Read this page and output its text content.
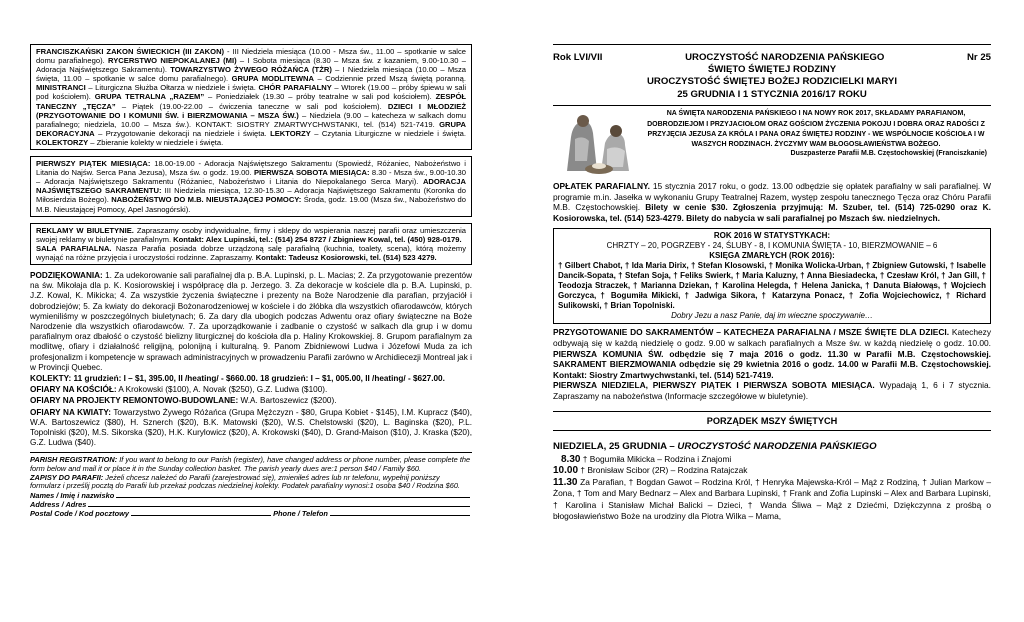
FRANCISZKAŃSKI ZAKON ŚWIECKICH (III ZAKON) - III Niedziela miesiąca (10.00 - Msza św., 11.00 – spotkanie w salce domu parafialnego). RYCERSTWO NIEPOKALANEJ (MI) – I Sobota miesiąca (8.30 – Msza św. z kazaniem, 9.00-10.30 – Adoracja Najświętszego Sakramentu). TOWARZYSTWO ŻYWEGO RÓŻAŃCA (TŻR) – I Niedziela miesiąca (10.00 – Msza święta, 11.00 – spotkanie w salce domu parafialnego). GRUPA MODLITEWNA – Codziennie przed Mszą świętą poranną. MINISTRANCI – Liturgiczna Służba Ołtarza w niedziele i święta. CHÓR PARAFIALNY – Wtorek (19.00 – próby śpiewu w sali pod kościołem). GRUPA TETRALNA „RAZEM” – Poniedziałek (19.30 – próby teatralne w sali pod kościołem). ZESPÓŁ TANECZNY „TĘCZA” – Piątek (19.00-22.00 – ćwiczenia taneczne w sali pod kościołem). DZIECI I MŁODZIEŻ (PRZYGOTOWANIE DO I KOMUNII ŚW. i BIERZMOWANIA – MSZA ŚW.) – Niedziela (9.00 – katecheza w salkach domu parafialnego; niedziela, 10.00 – Msza św.). KONTAKT: SIOSTRY ZMARTWYCHWSTANKI, tel. (514) 521-7419. GRUPA DEKORACYJNA – Przygotowanie dekoracji na niedziele i święta. LEKTORZY – Czytania Liturgiczne w niedziele i święta. KOLEKTORZY – Zbieranie kolekty w niedziele i święta.
PIERWSZY PIĄTEK MIESIĄCA: 18.00-19.00 - Adoracja Najświętszego Sakramentu (Spowiedź, Różaniec, Nabożeństwo i Litania do Najśw. Serca Pana Jezusa), Msza św. o godz. 19.00. PIERWSZA SOBOTA MIESIĄCA: 8.30 - Msza św., 9.00-10.30 – Adoracja Najświętszego Sakramentu (Różaniec, Nabożeństwo i Litania do Niepokalanego Serca Maryi). ADORACJA NAJŚWIĘTSZEGO SAKRAMENTU: III Niedziela miesiąca, 12.30-15.30 – Adoracja Najświętszego Sakramentu (Koronka do Miłosierdzia Bożego). NABOŻEŃSTWO DO M.B. NIEUSTAJĄCEJ POMOCY: Środa, godz. 19.00 (Msza św., Nabożeństwo do M.B. Nieustającej Pomocy, Apel Jasnogórski).
REKLAMY W BIULETYNIE. Zapraszamy osoby indywidualne, firmy i sklepy do wspierania naszej parafii oraz umieszczenia swojej reklamy w biuletynie parafialnym. Kontakt: Alex Lupinski, tel.: (514) 254 8727 / Zbigniew Kowal, tel. (450) 928-0179.
SALA PARAFIALNA. Nasza Parafia posiada dobrze urządzoną salę parafialną (kuchnia, toalety, scena), którą możemy wynająć na różne przyjęcia i uroczystości rodzinne. Zapraszamy. Kontakt: Tadeusz Kosiorowski, tel. (514) 523 4279.
PODZIĘKOWANIA: 1. Za udekorowanie sali parafialnej dla p. B.A. Lupinski, p. L. Macias; 2. Za przygotowanie prezentów na św. Mikołaja dla p. K. Kosiorowskiej i współpracę dla p. Jerzego. 3. Za dekoracje w kościele dla p. B.A. Lupinski, p. J.Z. Kowal, K. Mikicka; 4. Za wszystkie życzenia świąteczne i prezenty na Boże Narodzenie dla parafian, przyjaciół i dobrodziejów; 5. Za kwiaty do dekoracji Bożonarodzeniowej w kościele i do żłóbka dla wszystkich ofiarodawców, których wymieniliśmy w poszczególnych biuletynach; 6. Za dary dla ubogich podczas Adwentu oraz ofiary świąteczne na Boże Narodzenie dla wszystkich ofiarodawców. 7. Za uporządkowanie i zadbanie o czystość w salkach dla grup i w domu parafialnym oraz dbałość o czystość bielizny liturgicznej do kościoła dla p. Haliny Krokowskiej. 8. Grupom parafialnym za modlitwę, ofiary i działalność religijną, polonijną i kulturalną. 9. Panom Zbidniewowi Ludwa i Józefowi Muda za ich profesjonalizm i kompetencje w sprawach administracyjnych w prowadzeniu Parafii zarówno w Archidiecezji Montreal jak i w Provincji Quebec.
KOLEKTY: 11 grudzień: I – $1, 395.00, II /heating/ - $660.00. 18 grudzień: I – $1, 005.00, II /heating/ - $627.00.
OFIARY NA KOŚCIÓŁ: A Krokowski ($100), A. Novak ($250), G.Z. Ludwa ($100).
OFIARY NA PROJEKTY REMONTOWO-BUDOWLANE: W.A. Bartoszewicz ($200).
OFIARY NA KWIATY: Towarzystwo Żywego Różańca (Grupa Mężczyzn - $80, Grupa Kobiet - $145), I.M. Kupracz ($40), W.A. Bartoszewicz ($80), H. Sznerch ($20), B.K. Matowski ($20), W.S. Chelstowski ($20), L. Baginska ($20), P.L. Topolniski ($20), M.S. Sikorska ($20), H.K. Kurylowicz ($20), A. Krokowski ($40), D. Grand-Maison ($10), J. Kraska ($20), G.Z. Ludwa ($40).
PARISH REGISTRATION: If you want to belong to our Parish (register), have changed address or phone number, please complete the form below and mail it or place it in the Sunday collection basket. The parish yearly dues are:1 person $40 / Family $60.
ZAPISY DO PARAFII: Jeżeli chcesz należeć do Parafii (zarejestrować się), zmieniłeś adres lub nr telefonu, wypełnij poniższy formularz i prześlij pocztą do Parafii lub przekaż podczas niedzielnej kolekty. Podatek parafialny wynosi:1 osoba $40 / Rodzina $60.
Names / Imię i nazwisko
Address / Adres
Postal Code / Kod pocztowy	Phone / Telefon
Rok LVI/VII	UROCZYSTOŚĆ NARODZENIA PAŃSKIEGO	Nr 25
ŚWIĘTO ŚWIĘTEJ RODZINY
UROCZYSTOŚĆ ŚWIĘTEJ BOŻEJ RODZICIELKI MARYI
25 GRUDNIA I 1 STYCZNIA 2016/17 ROKU
NA ŚWIĘTA NARODZENIA PAŃSKIEGO I NA NOWY ROK 2017, SKŁADAMY PARAFIANOM, DOBRODZIEJOM I PRZYJACIOŁOM ORAZ GOŚCIOM ŻYCZENIA POKOJU I DOBRA ORAZ RADOŚCI Z PRZYJĘCIA JEZUSA ZA KRÓLA I PANA ORAZ ŚWIĘTEJ RODZINY - WE WSPÓLNOCIE KOŚCIOŁA I W WASZYCH RODZINACH. ŻYCZYMY WAM BŁOGOSŁAWIEŃSTWA BOŻEGO.
Duszpasterze Parafii M.B. Częstochowskiej (Franciszkanie)
OPŁATEK PARAFIALNY. 15 stycznia 2017 roku, o godz. 13.00 odbędzie się opłatek parafialny w sali parafialnej. W programie m.in. Jasełka w wykonaniu Grupy Teatralnej Razem, występ zespołu tanecznego Tęcza oraz Chóru Parafii M.B. Częstochowskiej. Bilety w cenie $30. Zgłoszenia przyjmują: M. Szuber, tel. (514) 725-0290 oraz K. Kosiorowska, tel. (514) 523-4279. Bilety do nabycia w sali parafialnej po Mszach św. niedzielnych.
ROK 2016 W STATYSTYKACH:
CHRZTY – 20, POGRZEBY - 24, ŚLUBY - 8, I KOMUNIA ŚWIĘTA - 10, BIERZMOWANIE – 6
KSIĘGA ZMARŁYCH (ROK 2016):
† Gilbert Chabot, † Ida Maria Dirix, † Stefan Klosowski, † Monika Wolicka-Urban, † Zbigniew Gutowski, † Isabelle Dancik-Sopata, † Stefan Soja, † Feliks Swierk, † Maria Kaluzny, † Anna Biesiadecka, † Czesław Król, † Jan Gill, † Teodozja Straczek, † Marianna Dziekan, † Karolina Helegda, † Helena Janicka, † Danuta Białowąs, † Wojciech Gorczyca, † Bogumiła Mikicki, † Jadwiga Sikora, † Katarzyna Ponacz, † Zofia Wojciechowicz, † Richard Sulikowski, † Brian Topolniski.
Dobry Jezu a nasz Panie, daj im wieczne spoczywanie…
PRZYGOTOWANIE DO SAKRAMENTÓW – KATECHEZA PARAFIALNA / MSZE ŚWIĘTE DLA DZIECI. Katechezy odbywają się w każdą niedzielę o godz. 9.00 w salkach parafialnych a Msze św. w każdą niedzielę o godz. 10.00. PIERWSZA KOMUNIA ŚW. odbędzie się 7 maja 2016 o godz. 11.30 w Parafii M.B. Częstochowskiej. SAKRAMENT BIERZMOWANIA odbędzie się 29 kwietnia 2016 o godz. 14.00 w Parafii M.B. Częstochowskiej. Kontakt: Siostry Zmartwychwstanki, tel. (514) 521-7419.
PIERWSZA NIEDZIELA, PIERWSZY PIĄTEK I PIERWSZA SOBOTA MIESIĄCA. Wypadają 1, 6 i 7 stycznia. Zapraszamy na nabożeństwa (Informacje szczegółowe w biuletynie).
PORZĄDEK MSZY ŚWIĘTYCH
NIEDZIELA, 25 GRUDNIA – UROCZYSTOŚĆ NARODZENIA PAŃSKIEGO
8.30 † Bogumiła Mikicka – Rodzina i Znajomi
10.00 † Bronisław Scibor (2R) – Rodzina Ratajczak
11.30 Za Parafian, † Bogdan Gawot – Rodzina Król, † Henryka Majewska-Król – Mąż z Rodziną, † Julian Markow – Żona, † Tom and Mary Bednarz – Alex and Barbara Lupinski, † Frank and Zofia Lupinski – Alex and Barbara Lupinski, † Karolina i Stanisław Michał Balicki – Dzieci, † Wanda Śliwa – Mąż z Dziećmi, Dziękczynna z prośbą o błogosławieństwo Boże na urodziny dla Piotra Wilka – Mama,
